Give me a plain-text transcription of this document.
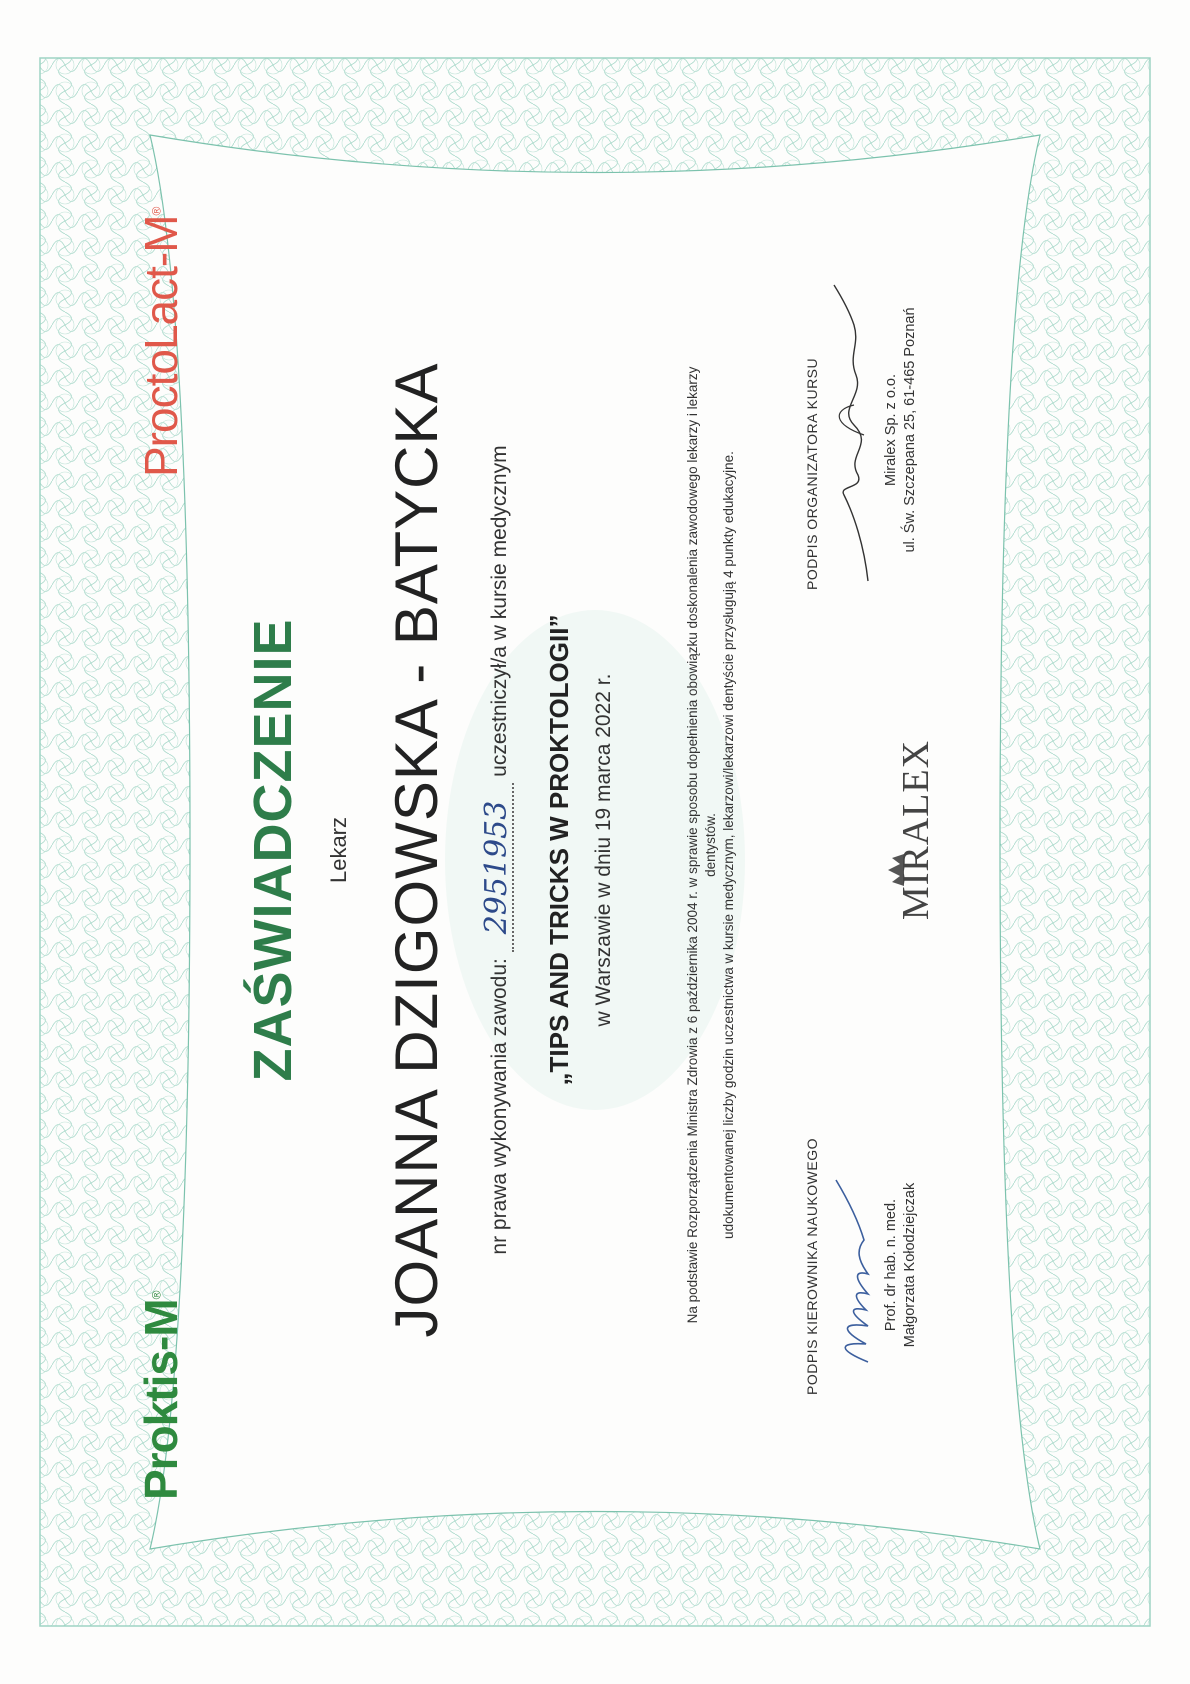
Proktis-M®
ProctoLact-M®
ZAŚWIADCZENIE Lekarz JOANNA DZIGOWSKA - BATYCKA nr prawa wykonywania zawodu: 2951953 uczestniczył/a w kursie medycznym
„TIPS AND TRICKS W PROKTOLOGII” w Warszawie w dniu 19 marca 2022 r.	Na podstawie Rozporządzenia Ministra Zdrowia z 6 października 2004 r. w sprawie sposobu dopełnienia obowiązku doskonalenia zawodowego lekarzy i lekarzy dentystów. udokumentowanej liczby godzin uczestnictwa w kursie medycznym, lekarzowi/lekarzowi dentyście przysługują 4 punkty edukacyjne.
PODPIS KIEROWNIKA NAUKOWEGO
PODPIS ORGANIZATORA KURSU
Prof. dr hab. n. med. Małgorzata Kołodziejczak
Miralex Sp. z o.o. ul. Św. Szczepana 25, 61-465 Poznań
MIRALEX
